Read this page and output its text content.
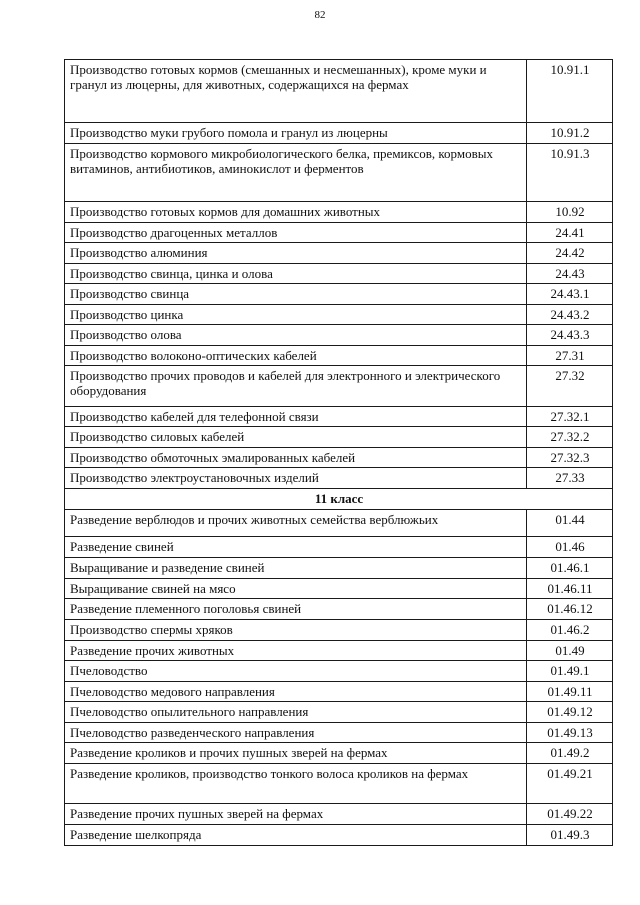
82
Производство готовых кормов (смешанных и несмешанных), кроме муки и гранул из люцерны, для животных, содержащихся на фермах	10.91.1
Производство муки грубого помола и гранул из люцерны	10.91.2
Производство кормового микробиологического белка, премиксов, кормовых витаминов, антибиотиков, аминокислот и ферментов	10.91.3
Производство готовых кормов для домашних животных	10.92
Производство драгоценных металлов	24.41
Производство алюминия	24.42
Производство свинца, цинка и олова	24.43
Производство свинца	24.43.1
Производство цинка	24.43.2
Производство олова	24.43.3
Производство волоконо-оптических кабелей	27.31
Производство прочих проводов и кабелей для электронного и электрического оборудования	27.32
Производство кабелей для телефонной связи	27.32.1
Производство силовых кабелей	27.32.2
Производство обмоточных эмалированных кабелей	27.32.3
Производство электроустановочных изделий	27.33
11 класс	
Разведение верблюдов и прочих животных семейства верблюжьих	01.44
Разведение свиней	01.46
Выращивание и разведение свиней	01.46.1
Выращивание свиней на мясо	01.46.11
Разведение племенного поголовья свиней	01.46.12
Производство спермы хряков	01.46.2
Разведение прочих животных	01.49
Пчеловодство	01.49.1
Пчеловодство медового направления	01.49.11
Пчеловодство опылительного направления	01.49.12
Пчеловодство разведенческого направления	01.49.13
Разведение кроликов и прочих пушных зверей на фермах	01.49.2
Разведение кроликов, производство тонкого волоса кроликов на фермах	01.49.21
Разведение прочих пушных зверей на фермах	01.49.22
Разведение шелкопряда	01.49.3
